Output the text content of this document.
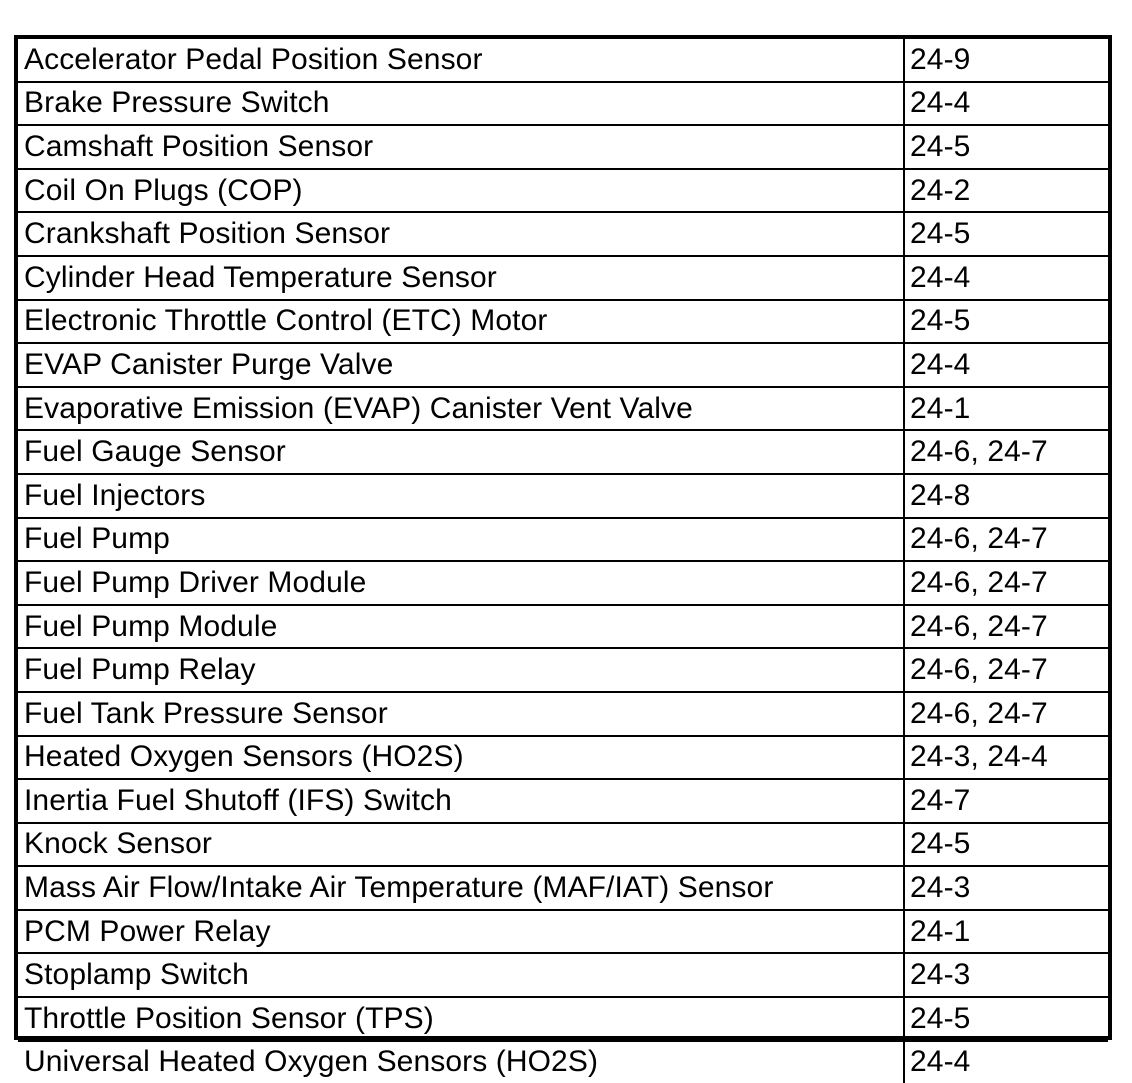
Accelerator Pedal Position Sensor	24-9
Brake Pressure Switch	24-4
Camshaft Position Sensor	24-5
Coil On Plugs (COP)	24-2
Crankshaft Position Sensor	24-5
Cylinder Head Temperature Sensor	24-4
Electronic Throttle Control (ETC) Motor	24-5
EVAP Canister Purge Valve	24-4
Evaporative Emission (EVAP) Canister Vent Valve	24-1
Fuel Gauge Sensor	24-6, 24-7
Fuel Injectors	24-8
Fuel Pump	24-6, 24-7
Fuel Pump Driver Module	24-6, 24-7
Fuel Pump Module	24-6, 24-7
Fuel Pump Relay	24-6, 24-7
Fuel Tank Pressure Sensor	24-6, 24-7
Heated Oxygen Sensors (HO2S)	24-3, 24-4
Inertia Fuel Shutoff (IFS) Switch	24-7
Knock Sensor	24-5
Mass Air Flow/Intake Air Temperature (MAF/IAT) Sensor	24-3
PCM Power Relay	24-1
Stoplamp Switch	24-3
Throttle Position Sensor (TPS)	24-5
Universal Heated Oxygen Sensors (HO2S)	24-4
